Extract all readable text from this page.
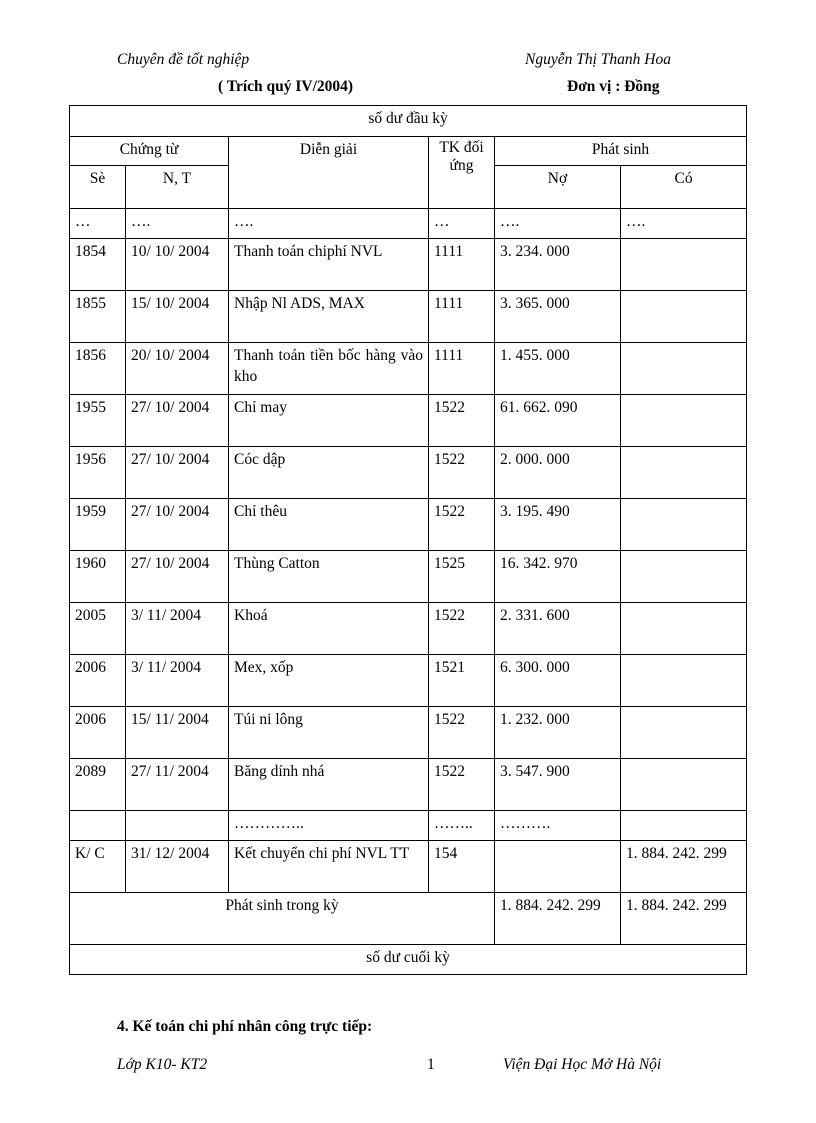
Chuyên đề tốt nghiệp	Nguyễn Thị Thanh Hoa
( Trích quý IV/2004)	Đơn vị : Đồng
số dư đầu kỳ					
Chứng từ		Diễn giải	TK đối ứng	Phát sinh	
Sè	N, T			Nợ	Có
…	….	….	…	….	….
1854	10/ 10/ 2004	Thanh toán chiphí NVL	1111	3. 234. 000	
1855	15/ 10/ 2004	Nhập Nl ADS, MAX	1111	3. 365. 000	
1856	20/ 10/ 2004	Thanh toán tiền bốc hàng vào kho	1111	1. 455. 000	
1955	27/ 10/ 2004	Chỉ may	1522	61. 662. 090	
1956	27/ 10/ 2004	Cóc dập	1522	2. 000. 000	
1959	27/ 10/ 2004	Chỉ thêu	1522	3. 195. 490	
1960	27/ 10/ 2004	Thùng Catton	1525	16. 342. 970	
2005	3/ 11/ 2004	Khoá	1522	2. 331. 600	
2006	3/ 11/ 2004	Mex, xốp	1521	6. 300. 000	
2006	15/ 11/ 2004	Túi ni lông	1522	1. 232. 000	
2089	27/ 11/ 2004	Băng dính nhá	1522	3. 547. 900	
		…………..	……..	……….	
K/ C	31/ 12/ 2004	Kết chuyển chi phí NVL TT	154		1. 884. 242. 299
Phát sinh trong kỳ				1. 884. 242. 299	1. 884. 242. 299
số dư cuối kỳ					
4. Kế toán chi phí nhân công trực tiếp:
Lớp K10- KT2	1	Viện Đại Học Mở Hà Nội
